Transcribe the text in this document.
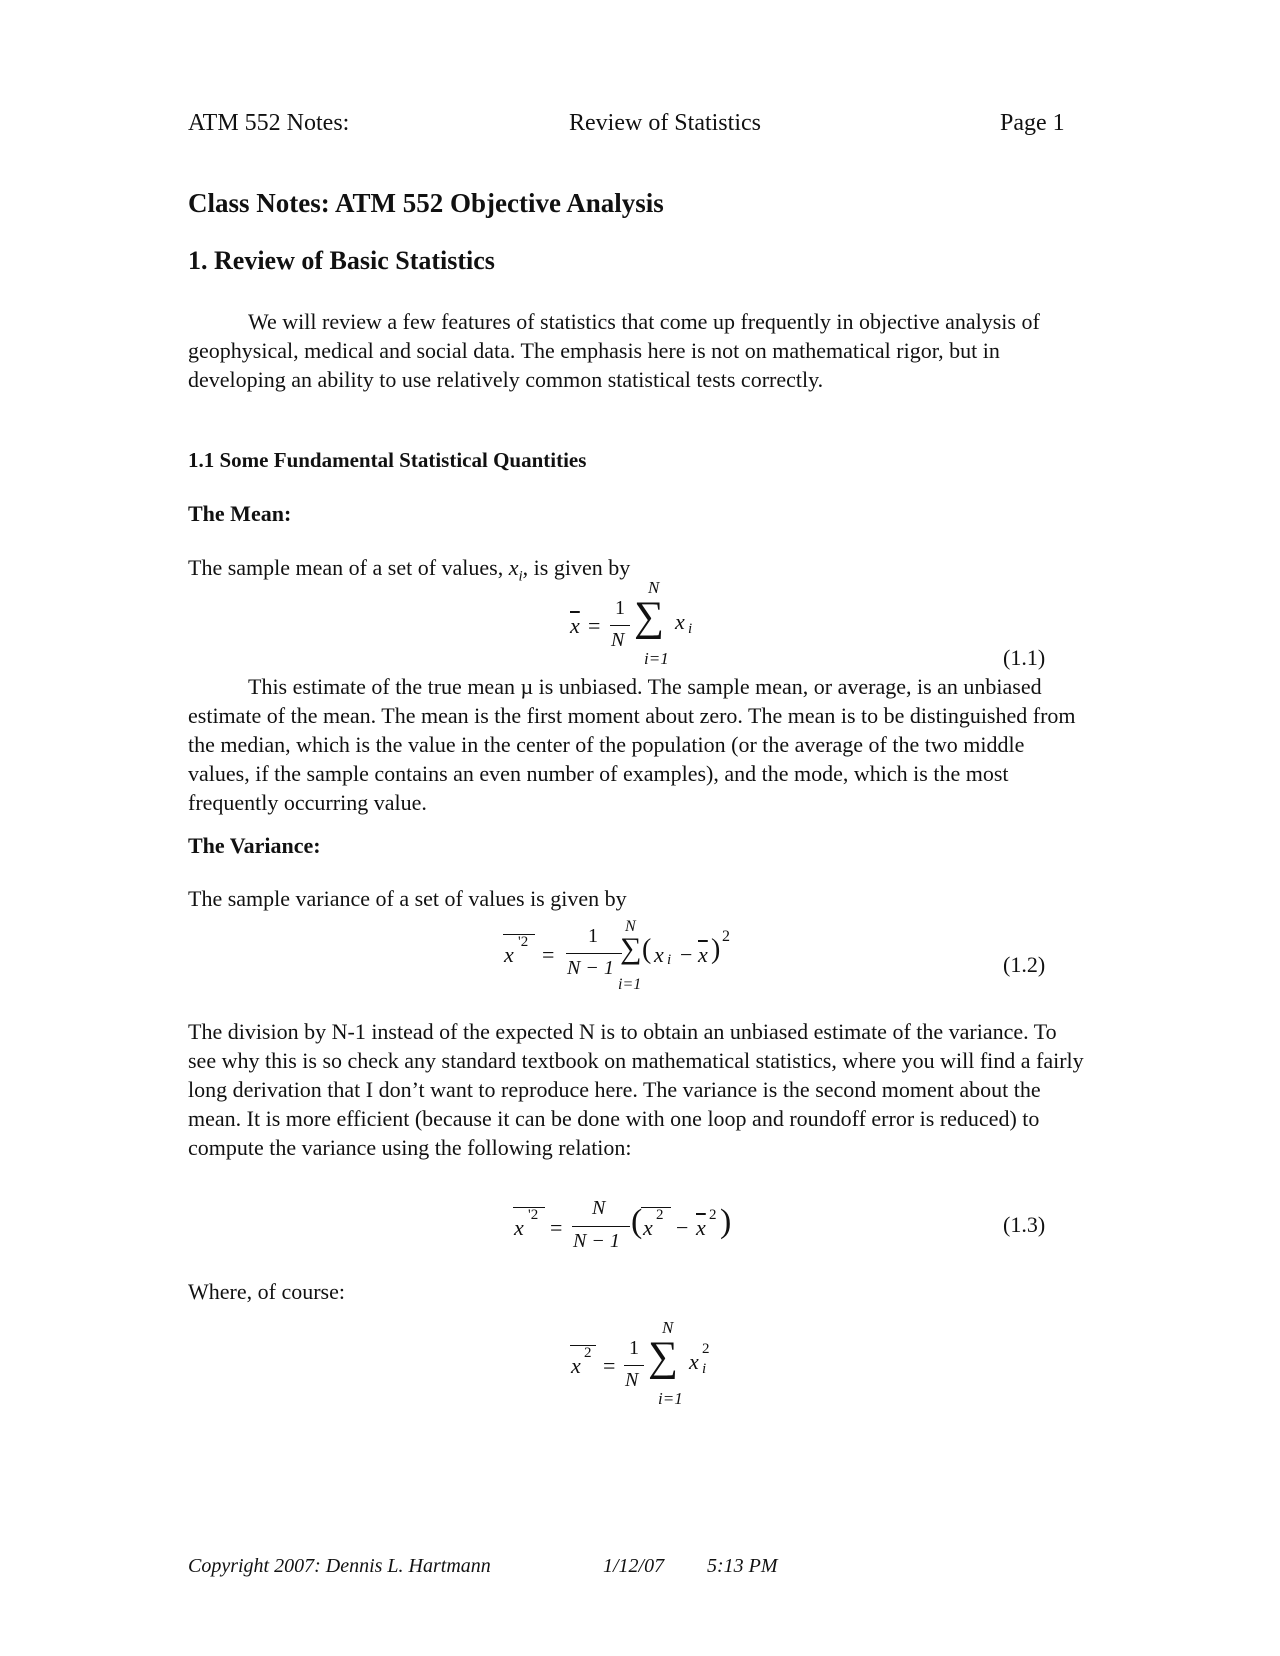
ATM 552 Notes:	Review of Statistics	Page 1
Class Notes: ATM 552 Objective Analysis
1. Review of Basic Statistics
We will review a few features of statistics that come up frequently in objective analysis of geophysical, medical and social data. The emphasis here is not on mathematical rigor, but in developing an ability to use relatively common statistical tests correctly.
1.1 Some Fundamental Statistical Quantities
The Mean:
The sample mean of a set of values, $x_i$, is given by
$\overline{x}$ =
1
N
N
∑
i=1
x i
(1.1)
This estimate of the true mean µ is unbiased. The sample mean, or average, is an unbiased estimate of the mean. The mean is the first moment about zero. The mean is to be distinguished from the median, which is the value in the center of the population (or the average of the two middle values, if the sample contains an even number of examples), and the mode, which is the most frequently occurring value.
The Variance:
The sample variance of a set of values is given by
x '2 =
1
N − 1
N
∑
i=1
( x $i - \overline{x}$ ) 2
(1.2)
The division by N-1 instead of the expected N is to obtain an unbiased estimate of the variance. To see why this is so check any standard textbook on mathematical statistics, where you will find a fairly long derivation that I don’t want to reproduce here. The variance is the second moment about the mean. It is more efficient (because it can be done with one loop and roundoff error is reduced) to compute the variance using the following relation:
x '2 =
N
N − 1
( x $2 - \overline{x}$ 2 )	(1.3)
Where, of course:
x 2 =
1
N
N
∑
i=1
x 2
i
Copyright 2007: Dennis L. Hartmann	1/12/07 5:13 PM
